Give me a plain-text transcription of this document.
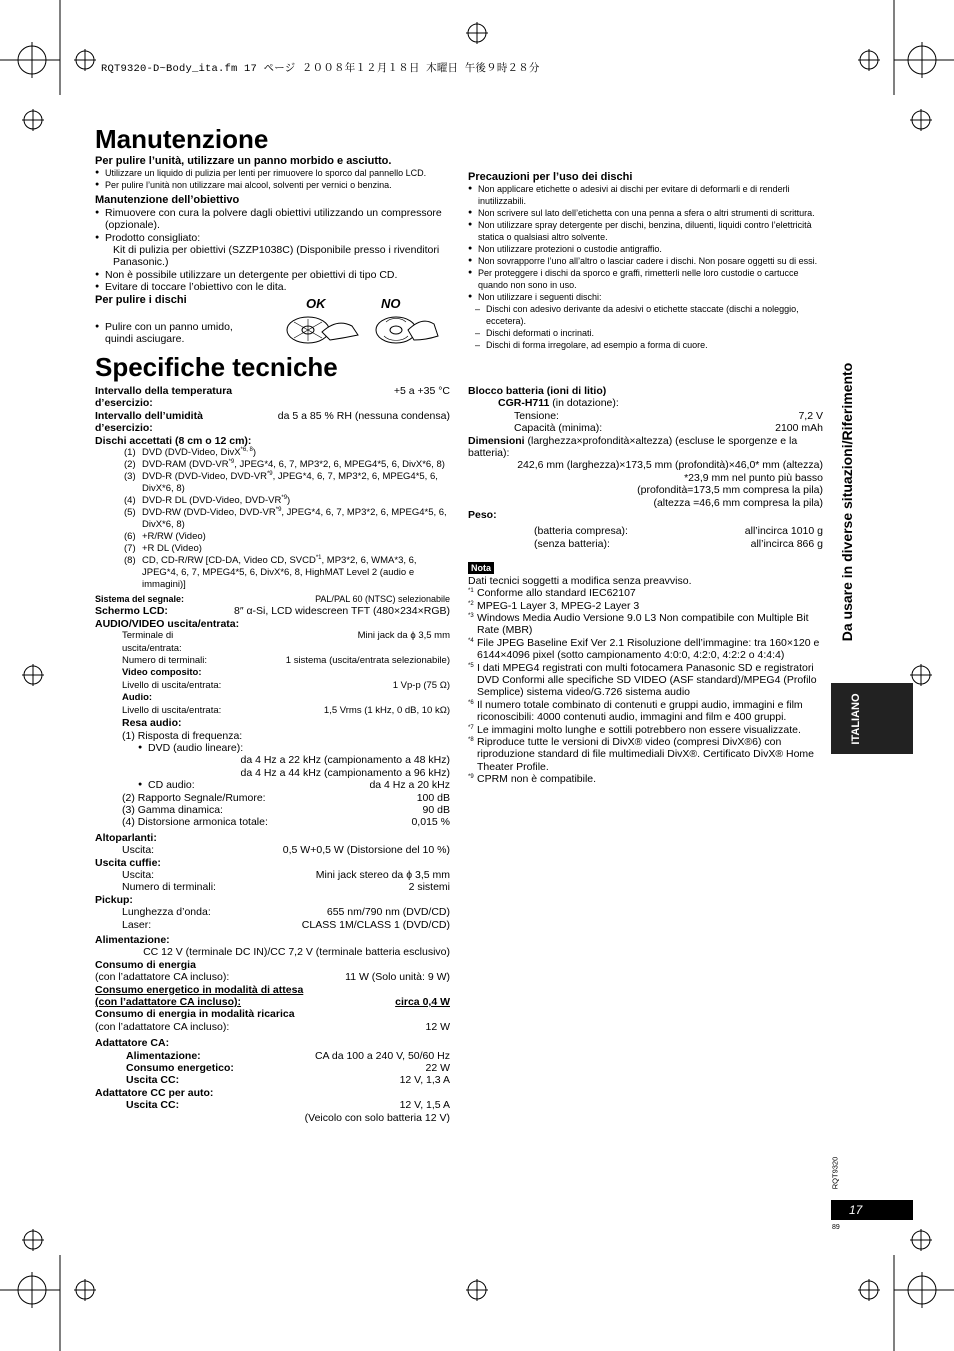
RQT9320-D~Body_ita.fm 17 ページ ２００８年１２月１８日 木曜日 午後９時２８分
Manutenzione
Per pulire l’unità, utilizzare un panno morbido e asciutto.
● Utilizzare un liquido di pulizia per lenti per rimuovere lo sporco dal pannello LCD.
● Per pulire l’unità non utilizzare mai alcool, solventi per vernici o benzina.
Manutenzione dell’obiettivo
● Rimuovere con cura la polvere dagli obiettivi utilizzando un compressore (opzionale).
● Prodotto consigliato:
Kit di pulizia per obiettivi (SZZP1038C) (Disponibile presso i rivenditori Panasonic.)
● Non è possibile utilizzare un detergente per obiettivi di tipo CD.
● Evitare di toccare l’obiettivo con le dita.
Per pulire i dischi
● Pulire con un panno umido, quindi asciugare.
OK	NO
Precauzioni per l’uso dei dischi
● Non applicare etichette o adesivi ai dischi per evitare di deformarli e di renderli inutilizzabili.
● Non scrivere sul lato dell’etichetta con una penna a sfera o altri strumenti di scrittura.
● Non utilizzare spray detergente per dischi, benzina, diluenti, liquidi contro l’elettricità statica o qualsiasi altro solvente.
● Non utilizzare protezioni o custodie antigraffio.
● Non sovrapporre l’uno all’altro o lasciar cadere i dischi. Non posare oggetti su di essi.
● Per proteggere i dischi da sporco e graffi, rimetterli nelle loro custodie o cartucce quando non sono in uso.
● Non utilizzare i seguenti dischi:
– Dischi con adesivo derivante da adesivi o etichette staccate (dischi a noleggio, eccetera).
– Dischi deformati o incrinati.
– Dischi di forma irregolare, ad esempio a forma di cuore.
Specifiche tecniche
Intervallo della temperatura d’esercizio:
+5 a +35 °C
Intervallo dell’umidità d’esercizio:
da 5 a 85 % RH (nessuna condensa)
Dischi accettati (8 cm o 12 cm):
(1) DVD (DVD-Video, DivX$^{*6, 8}$)
(2) DVD-RAM (DVD-VR$^{*9}$, JPEG*4, 6, 7, MP3*2, 6, MPEG4*5, 6, DivX*6, 8)
(3) DVD-R (DVD-Video, DVD-VR$^{*9}$, JPEG*4, 6, 7, MP3*2, 6, MPEG4*5, 6, DivX*6, 8)
(4) DVD-R DL (DVD-Video, DVD-VR$^{*9}$)
(5) DVD-RW (DVD-Video, DVD-VR$^{*9}$, JPEG*4, 6, 7, MP3*2, 6, MPEG4*5, 6, DivX*6, 8)
(6) +R/RW (Video)
(7) +R DL (Video)
(8) CD, CD-R/RW [CD-DA, Video CD, SVCD$^{*1}$, MP3*2, 6, WMA*3, 6, JPEG*4, 6, 7, MPEG4*5, 6, DivX*6, 8, HighMAT Level 2 (audio e immagini)]
Sistema del segnale:	PAL/PAL 60 (NTSC) selezionabile
Schermo LCD:	8″ α-Si, LCD widescreen TFT (480×234×RGB)
AUDIO/VIDEO uscita/entrata:
Terminale di uscita/entrata:
Mini jack da ϕ 3,5 mm
Numero di terminali:	1 sistema (uscita/entrata selezionabile)
Video composito:
Livello di uscita/entrata:	1 Vp-p (75 Ω)
Audio:
Livello di uscita/entrata:	1,5 Vrms (1 kHz, 0 dB, 10 kΩ)
Resa audio:
(1) Risposta di frequenza:
● DVD (audio lineare):
da 4 Hz a 22 kHz (campionamento a 48 kHz)
da 4 Hz a 44 kHz (campionamento a 96 kHz)
● CD audio:	da 4 Hz a 20 kHz
(2) Rapporto Segnale/Rumore:	100 dB
(3) Gamma dinamica:	90 dB
(4) Distorsione armonica totale:	0,015 %
Altoparlanti:
Uscita:	0,5 W+0,5 W (Distorsione del 10 %)
Uscita cuffie:
Uscita:	Mini jack stereo da ϕ 3,5 mm
Numero di terminali:	2 sistemi
Pickup:
Lunghezza d’onda:	655 nm/790 nm (DVD/CD)
Laser:	CLASS 1M/CLASS 1 (DVD/CD)
Alimentazione:
CC 12 V (terminale DC IN)/CC 7,2 V (terminale batteria esclusivo)
Consumo di energia
(con l’adattatore CA incluso):	11 W (Solo unità: 9 W)
Consumo energetico in modalità di attesa
(con l’adattatore CA incluso):	circa 0,4 W
Consumo di energia in modalità ricarica
(con l’adattatore CA incluso):	12 W
Adattatore CA:
Alimentazione:	CA da 100 a 240 V, 50/60 Hz
Consumo energetico:	22 W
Uscita CC:	12 V, 1,3 A
Adattatore CC per auto:
Uscita CC:	12 V, 1,5 A
(Veicolo con solo batteria 12 V)
Blocco batteria (ioni di litio)
CGR-H711 (in dotazione):
Tensione:	7,2 V
Capacità (minima):	2100 mAh
Dimensioni (larghezza×profondità×altezza) (escluse le sporgenze e la batteria):
242,6 mm (larghezza)×173,5 mm (profondità)×46,0* mm (altezza)
*23,9 mm nel punto più basso
(profondità=173,5 mm compresa la pila)
(altezza =46,6 mm compresa la pila)
Peso:
(batteria compresa):	all’incirca 1010 g
(senza batteria):	all’incirca 866 g
Nota
Dati tecnici soggetti a modifica senza preavviso.
*1 Conforme allo standard IEC62107
*2 MPEG-1 Layer 3, MPEG-2 Layer 3
*3 Windows Media Audio Versione 9.0 L3 Non compatibile con Multiple Bit Rate (MBR)
*4 File JPEG Baseline Exif Ver 2.1 Risoluzione dell’immagine: tra 160×120 e 6144×4096 pixel (sotto campionamento 4:0:0, 4:2:0, 4:2:2 o 4:4:4)
*5 I dati MPEG4 registrati con multi fotocamera Panasonic SD e registratori DVD Conformi alle specifiche SD VIDEO (ASF standard)/MPEG4 (Profilo Semplice) sistema video/G.726 sistema audio
*6 Il numero totale combinato di contenuti e gruppi audio, immagini e film riconoscibili: 4000 contenuti audio, immagini and film e 400 gruppi.
*7 Le immagini molto lunghe e sottili potrebbero non essere visualizzate.
*8 Riproduce tutte le versioni di DivX® video (compresi DivX®6) con riproduzione standard di file multimediali DivX®. Certificato DivX® Home Theater Profile.
*9 CPRM non è compatibile.
Da usare in diverse situazioni/Riferimento
ITALIANO
RQT9320
17
89
